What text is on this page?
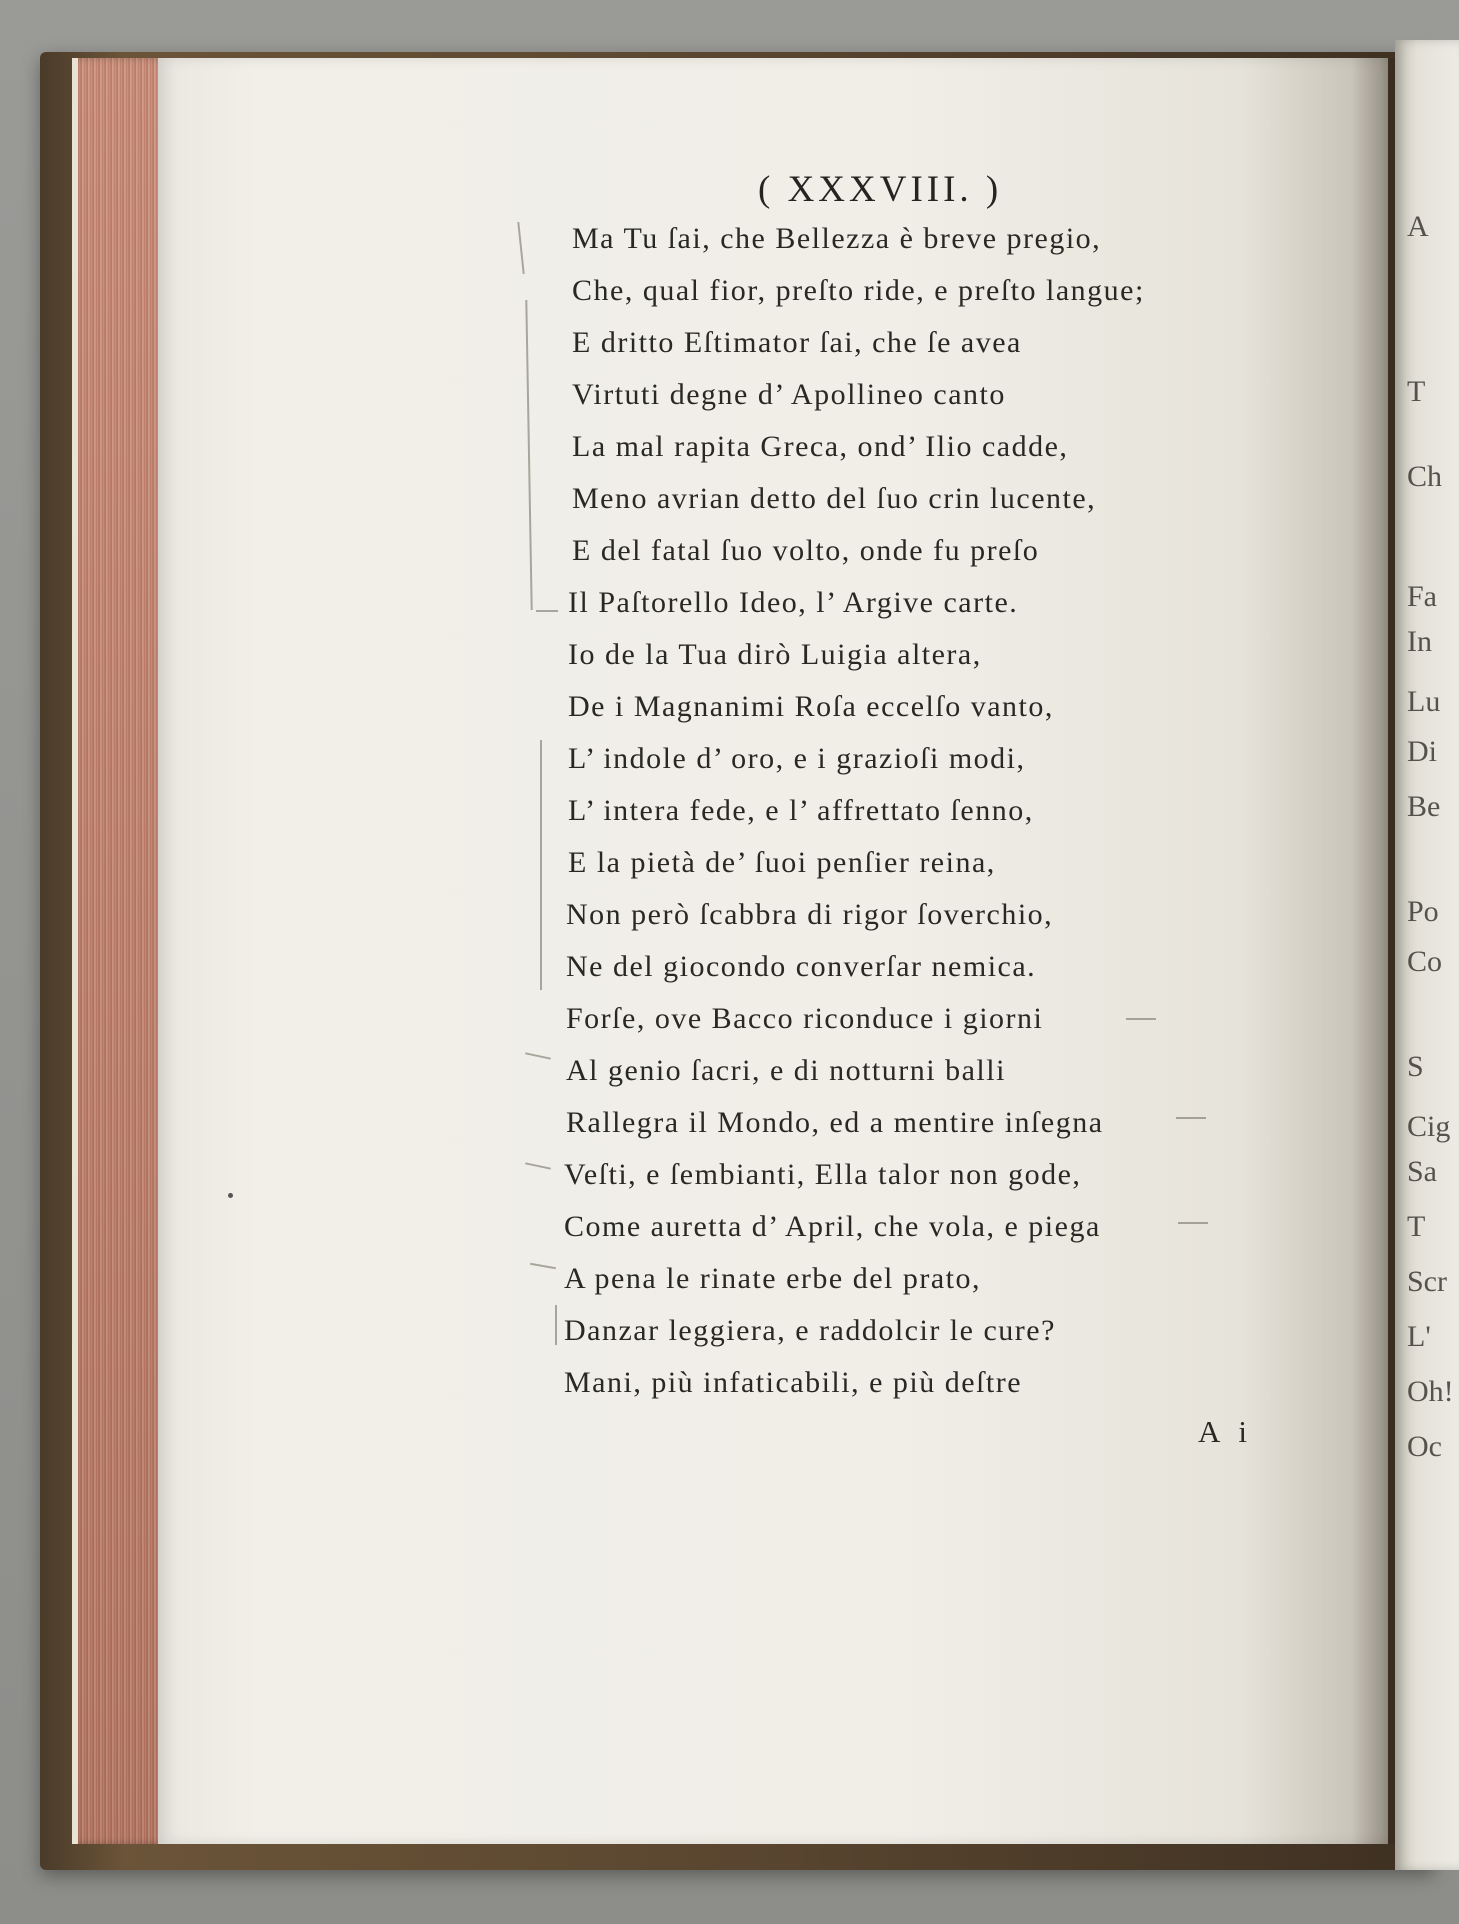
A
T
Ch
Fa
In
Lu
Di
Be
Po
Co
S
Cig
Sa
T
Scr
L'
Oh!
Oc
( XXXVIII. )
Ma Tu ſai, che Bellezza è breve pregio,
Che, qual fior, preſto ride, e preſto langue;
E dritto Eſtimator ſai, che ſe avea
Virtuti degne d’ Apollineo canto
La mal rapita Greca, ond’ Ilio cadde,
Meno avrian detto del ſuo crin lucente,
E del fatal ſuo volto, onde fu preſo
Il Paſtorello Ideo, l’ Argive carte.
Io de la Tua dirò Luigia altera,
De i Magnanimi Roſa eccelſo vanto,
L’ indole d’ oro, e i grazioſi modi,
L’ intera fede, e l’ affrettato ſenno,
E la pietà de’ ſuoi penſier reina,
Non però ſcabbra di rigor ſoverchio,
Ne del giocondo converſar nemica.
Forſe, ove Bacco riconduce i giorni
Al genio ſacri, e di notturni balli
Rallegra il Mondo, ed a mentire inſegna
Veſti, e ſembianti, Ella talor non gode,
Come auretta d’ April, che vola, e piega
A pena le rinate erbe del prato,
Danzar leggiera, e raddolcir le cure?
Mani, più infaticabili, e più deſtre
A i
